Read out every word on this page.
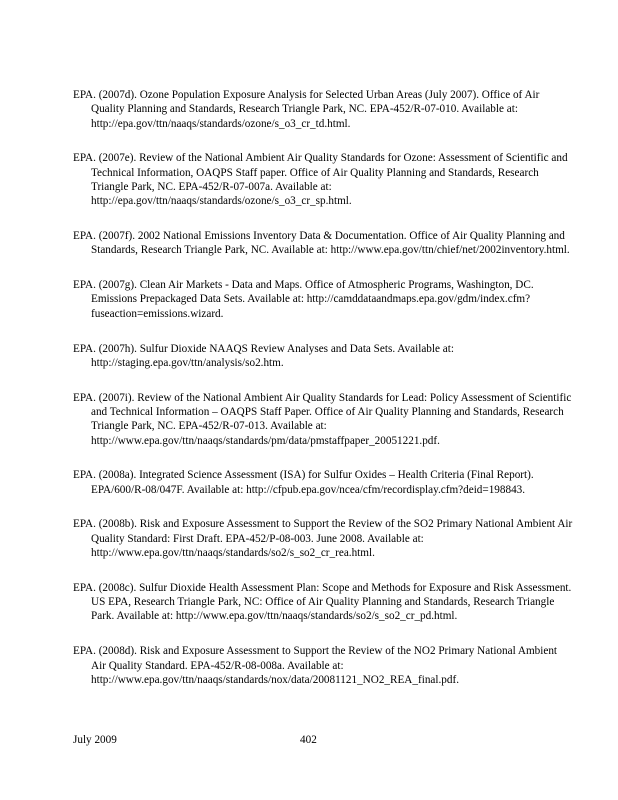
EPA. (2007d). Ozone Population Exposure Analysis for Selected Urban Areas (July 2007). Office of Air Quality Planning and Standards, Research Triangle Park, NC. EPA-452/R-07-010. Available at: http://epa.gov/ttn/naaqs/standards/ozone/s_o3_cr_td.html.

EPA. (2007e). Review of the National Ambient Air Quality Standards for Ozone: Assessment of Scientific and Technical Information, OAQPS Staff paper. Office of Air Quality Planning and Standards, Research Triangle Park, NC. EPA-452/R-07-007a. Available at: http://epa.gov/ttn/naaqs/standards/ozone/s_o3_cr_sp.html.

EPA. (2007f). 2002 National Emissions Inventory Data & Documentation. Office of Air Quality Planning and Standards, Research Triangle Park, NC. Available at: http://www.epa.gov/ttn/chief/net/2002inventory.html.

EPA. (2007g). Clean Air Markets - Data and Maps. Office of Atmospheric Programs, Washington, DC. Emissions Prepackaged Data Sets. Available at: http://camddataandmaps.epa.gov/gdm/index.cfm?fuseaction=emissions.wizard.

EPA. (2007h). Sulfur Dioxide NAAQS Review Analyses and Data Sets. Available at: http://staging.epa.gov/ttn/analysis/so2.htm.

EPA. (2007i). Review of the National Ambient Air Quality Standards for Lead: Policy Assessment of Scientific and Technical Information – OAQPS Staff Paper. Office of Air Quality Planning and Standards, Research Triangle Park, NC. EPA-452/R-07-013. Available at: http://www.epa.gov/ttn/naaqs/standards/pm/data/pmstaffpaper_20051221.pdf.

EPA. (2008a). Integrated Science Assessment (ISA) for Sulfur Oxides – Health Criteria (Final Report). EPA/600/R-08/047F. Available at: http://cfpub.epa.gov/ncea/cfm/recordisplay.cfm?deid=198843.

EPA. (2008b). Risk and Exposure Assessment to Support the Review of the SO2 Primary National Ambient Air Quality Standard: First Draft. EPA-452/P-08-003. June 2008. Available at: http://www.epa.gov/ttn/naaqs/standards/so2/s_so2_cr_rea.html.

EPA. (2008c). Sulfur Dioxide Health Assessment Plan: Scope and Methods for Exposure and Risk Assessment. US EPA, Research Triangle Park, NC: Office of Air Quality Planning and Standards, Research Triangle Park. Available at: http://www.epa.gov/ttn/naaqs/standards/so2/s_so2_cr_pd.html.

EPA. (2008d). Risk and Exposure Assessment to Support the Review of the NO2 Primary National Ambient Air Quality Standard. EPA-452/R-08-008a. Available at: http://www.epa.gov/ttn/naaqs/standards/nox/data/20081121_NO2_REA_final.pdf.

July 2009	402
